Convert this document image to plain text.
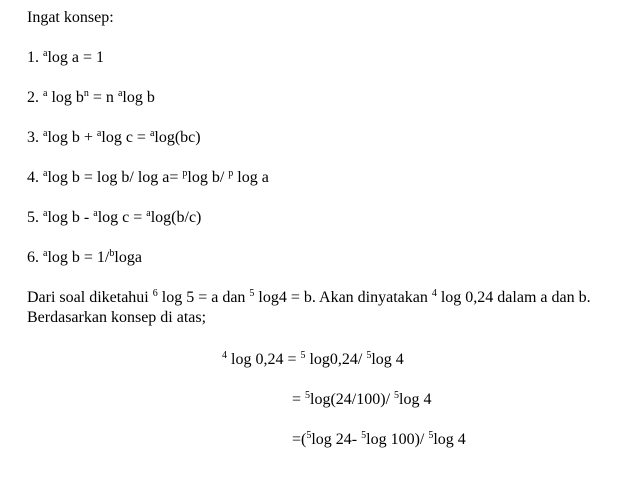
Ingat konsep:

1. $^a$log a = 1

2. $^a$ $\log b^n = n$ $^a$log b

3. $^a$log b + $^a$log c = $^a$log(bc)

4. $^a$log b = log b/ log a= $^p$log b/ $^p$ log a

5. $^a$log b - $^a$log c = $^a$log(b/c)

6. $^a$log b = 1/$^b$loga

Dari soal diketahui $^6$ log 5 = a dan $^5$ log4 = b. Akan dinyatakan $^4$ log 0,24 dalam a dan b. Berdasarkan konsep di atas;

$^4$ log 0,24 = $^5$ log0,24/ $^5$log 4

= $^5$log(24/100)/ $^5$log 4

=($^5$log 24- $^5$log 100)/ $^5$log 4
